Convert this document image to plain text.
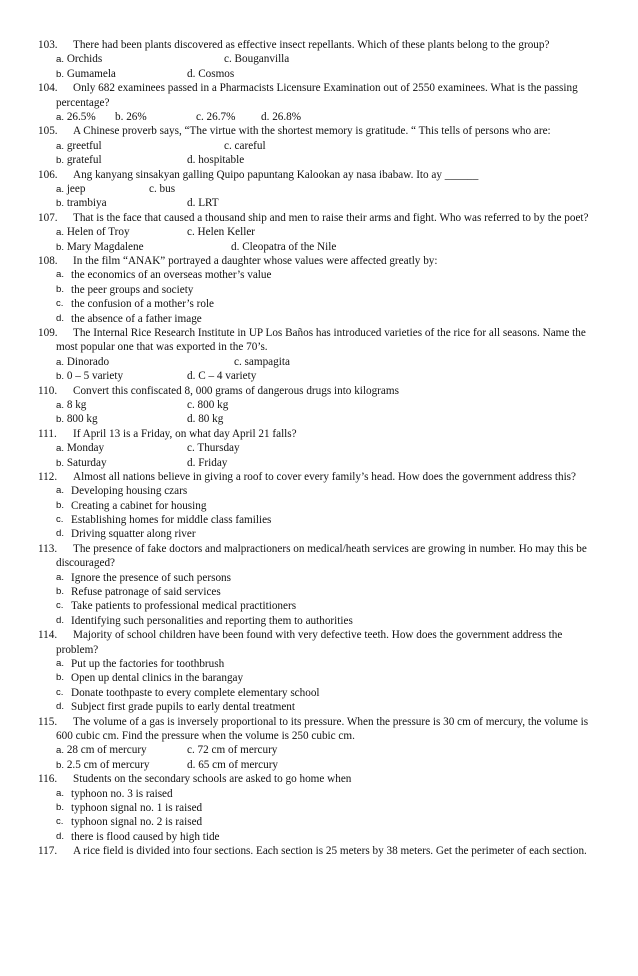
103.	There had been plants discovered as effective insect repellants. Which of these plants belong to the group?
a. Orchids	c. Bouganvilla
b. Gumamela	d. Cosmos
104.	Only 682 examinees passed in a Pharmacists Licensure Examination out of 2550 examinees. What is the passing percentage?
a. 26.5% b. 26%	c. 26.7% d. 26.8%
105.	A Chinese proverb says, “The virtue with the shortest memory is gratitude. “ This tells of persons who are:
a. greetful	c. careful
b. grateful	d. hospitable
106.	Ang kanyang sinsakyan galling Quipo papuntang Kalookan ay nasa ibabaw. Ito ay ______
a. jeep	c. bus
b. trambiya	d. LRT
107.	That is the face that caused a thousand ship and men to raise their arms and fight. Who was referred to by the poet?
a. Helen of Troy	c. Helen Keller
b. Mary Magdalene	d. Cleopatra of the Nile
108.	In the film “ANAK” portrayed a daughter whose values were affected greatly by:
a. the economics of an overseas mother’s value
b. the peer groups and society
c. the confusion of a mother’s role
d. the absence of a father image
109.	The Internal Rice Research Institute in UP Los Baños has introduced varieties of the rice for all seasons. Name the most popular one that was exported in the 70’s.
a. Dinorado	c. sampagita
b. 0 – 5 variety	d. C – 4 variety
110.	Convert this confiscated 8, 000 grams of dangerous drugs into kilograms
a. 8 kg	c. 800 kg
b. 800 kg	d. 80 kg
111.	If April 13 is a Friday, on what day April 21 falls?
a. Monday	c. Thursday
b. Saturday	d. Friday
112.	Almost all nations believe in giving a roof to cover every family’s head. How does the government address this?
a. Developing housing czars
b. Creating a cabinet for housing
c. Establishing homes for middle class families
d. Driving squatter along river
113.	The presence of fake doctors and malpractioners on medical/heath services are growing in number. Ho may this be discouraged?
a. Ignore the presence of such persons
b. Refuse patronage of said services
c. Take patients to professional medical practitioners
d. Identifying such personalities and reporting them to authorities
114.	Majority of school children have been found with very defective teeth. How does the government address the problem?
a. Put up the factories for toothbrush
b. Open up dental clinics in the barangay
c. Donate toothpaste to every complete elementary school
d. Subject first grade pupils to early dental treatment
115.	The volume of a gas is inversely proportional to its pressure. When the pressure is 30 cm of mercury, the volume is 600 cubic cm. Find the pressure when the volume is 250 cubic cm.
a. 28 cm of mercury	c. 72 cm of mercury
b. 2.5 cm of mercury	d. 65 cm of mercury
116.	Students on the secondary schools are asked to go home when
a. typhoon no. 3 is raised
b. typhoon signal no. 1 is raised
c. typhoon signal no. 2 is raised
d. there is flood caused by high tide
117.	A rice field is divided into four sections. Each section is 25 meters by 38 meters. Get the perimeter of each section.
